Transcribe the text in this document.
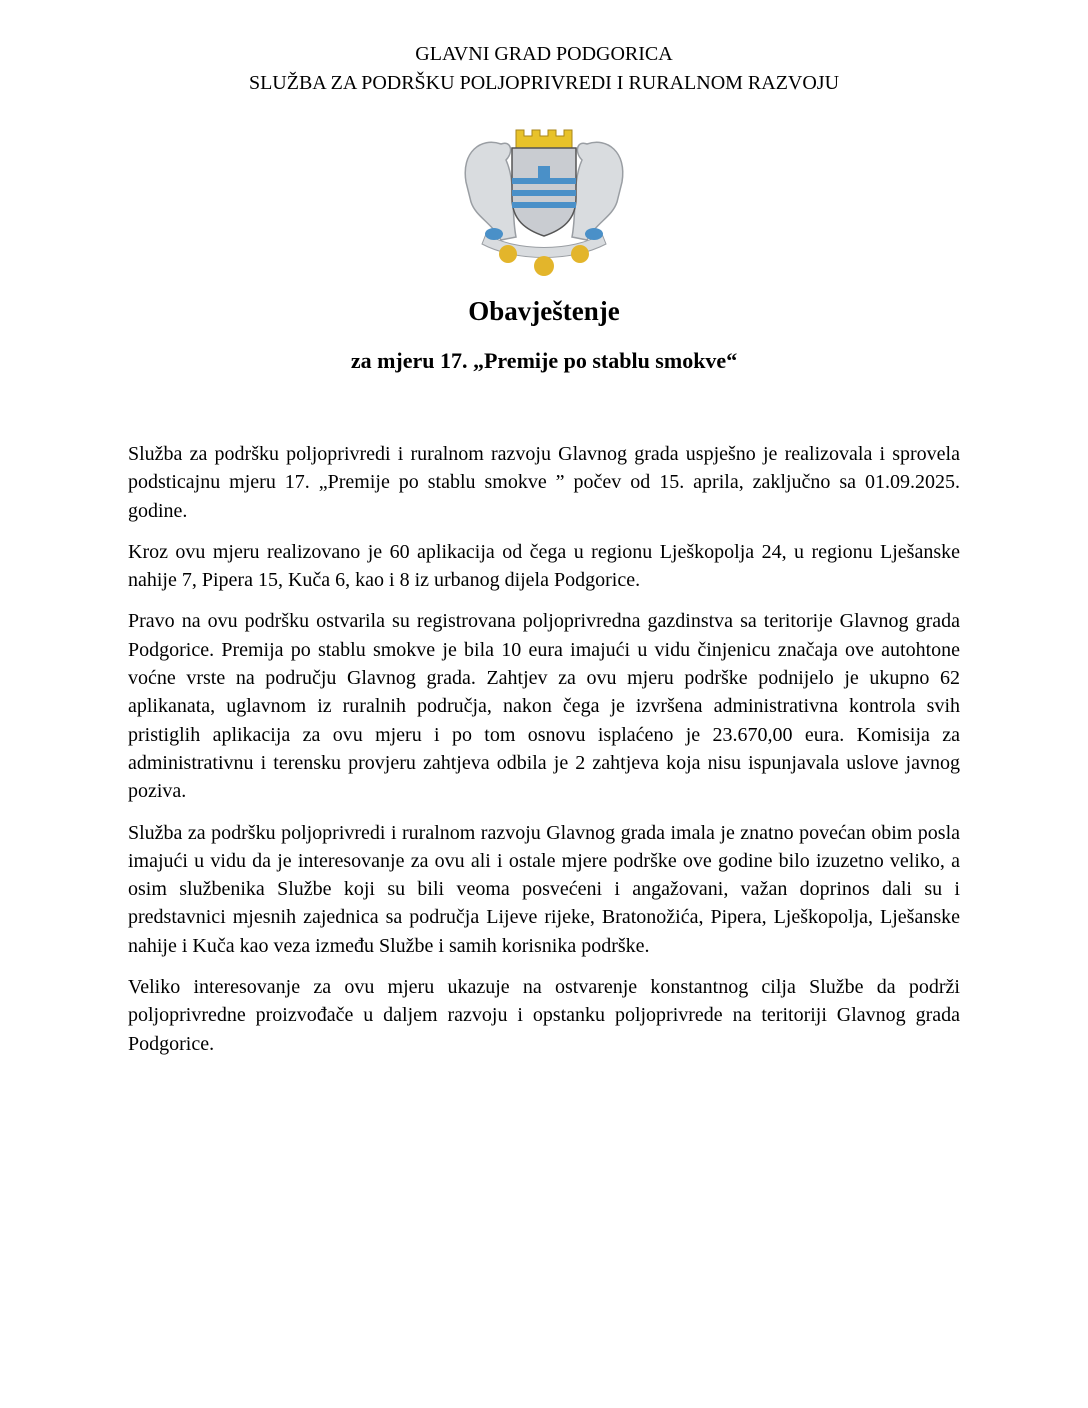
GLAVNI GRAD PODGORICA
SLUŽBA ZA PODRŠKU POLJOPRIVREDI I RURALNOM RAZVOJU
Obavještenje
za mjeru 17. „Premije po stablu smokve“

Služba za podršku poljoprivredi i ruralnom razvoju Glavnog grada uspješno je realizovala i sprovela podsticajnu mjeru 17. „Premije po stablu smokve ” počev od 15. aprila, zaključno sa 01.09.2025. godine.

Kroz ovu mjeru realizovano je 60 aplikacija od čega u regionu Lješkopolja 24, u regionu Lješanske nahije 7, Pipera 15, Kuča 6, kao i 8 iz urbanog dijela Podgorice.

Pravo na ovu podršku ostvarila su registrovana poljoprivredna gazdinstva sa teritorije Glavnog grada Podgorice. Premija po stablu smokve je bila 10 eura imajući u vidu činjenicu značaja ove autohtone voćne vrste na području Glavnog grada. Zahtjev za ovu mjeru podrške podnijelo je ukupno 62 aplikanata, uglavnom iz ruralnih područja, nakon čega je izvršena administrativna kontrola svih pristiglih aplikacija za ovu mjeru i po tom osnovu isplaćeno je 23.670,00 eura. Komisija za administrativnu i terensku provjeru zahtjeva odbila je 2 zahtjeva koja nisu ispunjavala uslove javnog poziva.

Služba za podršku poljoprivredi i ruralnom razvoju Glavnog grada imala je znatno povećan obim posla imajući u vidu da je interesovanje za ovu ali i ostale mjere podrške ove godine bilo izuzetno veliko, a osim službenika Službe koji su bili veoma posvećeni i angažovani, važan doprinos dali su i predstavnici mjesnih zajednica sa područja Lijeve rijeke, Bratonožića, Pipera, Lješkopolja, Lješanske nahije i Kuča kao veza između Službe i samih korisnika podrške.

Veliko interesovanje za ovu mjeru ukazuje na ostvarenje konstantnog cilja Službe da podrži poljoprivredne proizvođače u daljem razvoju i opstanku poljoprivrede na teritoriji Glavnog grada Podgorice.
